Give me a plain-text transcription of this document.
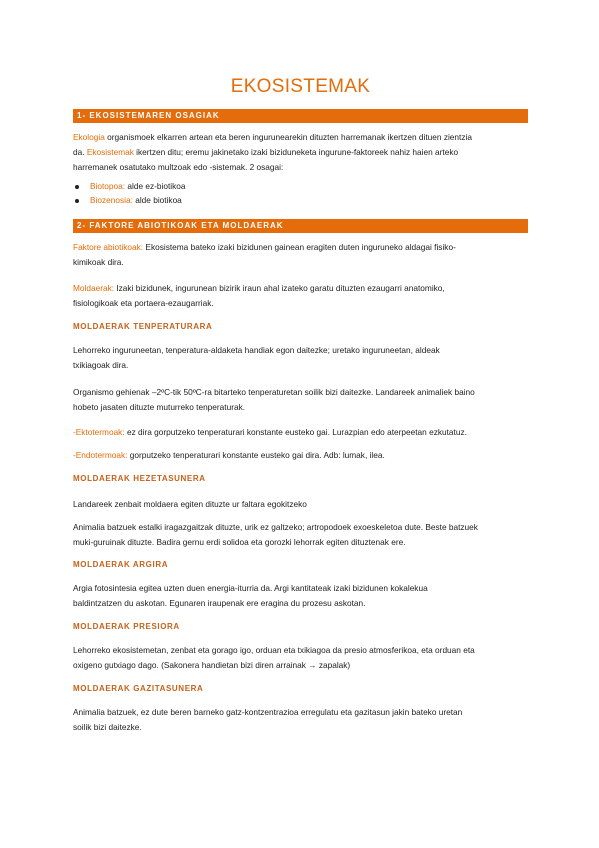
EKOSISTEMAK
1- EKOSISTEMAREN OSAGIAK
Ekologia organismoek elkarren artean eta beren ingurunearekin dituzten harremanak ikertzen dituen zientzia
da. Ekosistemak ikertzen ditu; eremu jakinetako izaki biziduneketa ingurune-faktoreek nahiz haien arteko
harremanek osatutako multzoak edo -sistemak. 2 osagai:
Biotopoa: alde ez-biotikoa
Biozenosia: alde biotikoa
2- FAKTORE ABIOTIKOAK ETA MOLDAERAK
Faktore abiotikoak: Ekosistema bateko izaki bizidunen gainean eragiten duten inguruneko aldagai fisiko-
kimikoak dira.
Moldaerak: Izaki bizidunek, ingurunean bizirik iraun ahal izateko garatu dituzten ezaugarri anatomiko,
fisiologikoak eta portaera-ezaugarriak.
MOLDAERAK TENPERATURARA
Lehorreko inguruneetan, tenperatura-aldaketa handiak egon daitezke; uretako inguruneetan, aldeak
txikiagoak dira.
Organismo gehienak –2ºC-tik 50ºC-ra bitarteko tenperaturetan soilik bizi daitezke. Landareek animaliek baino
hobeto jasaten dituzte muturreko tenperaturak.
-Ektotermoak: ez dira gorputzeko tenperaturari konstante eusteko gai. Lurazpian edo aterpeetan ezkutatuz.
-Endotermoak: gorputzeko tenperaturari konstante eusteko gai dira. Adb: lumak, ilea.
MOLDAERAK HEZETASUNERA
Landareek zenbait moldaera egiten dituzte ur faltara egokitzeko
Animalia batzuek estalki iragazgaitzak dituzte, urik ez galtzeko; artropodoek exoeskeletoa dute. Beste batzuek
muki-guruinak dituzte. Badira gernu erdi solidoa eta gorozki lehorrak egiten dituztenak ere.
MOLDAERAK ARGIRA
Argia fotosintesia egitea uzten duen energia-iturria da. Argi kantitateak izaki bizidunen kokalekua
baldintzatzen du askotan. Egunaren iraupenak ere eragina du prozesu askotan.
MOLDAERAK PRESIORA
Lehorreko ekosistemetan, zenbat eta gorago igo, orduan eta txikiagoa da presio atmosferikoa, eta orduan eta
oxigeno gutxiago dago. (Sakonera handietan bizi diren arrainak → zapalak)
MOLDAERAK GAZITASUNERA
Animalia batzuek, ez dute beren barneko gatz-kontzentrazioa erregulatu eta gazitasun jakin bateko uretan
soilik bizi daitezke.
